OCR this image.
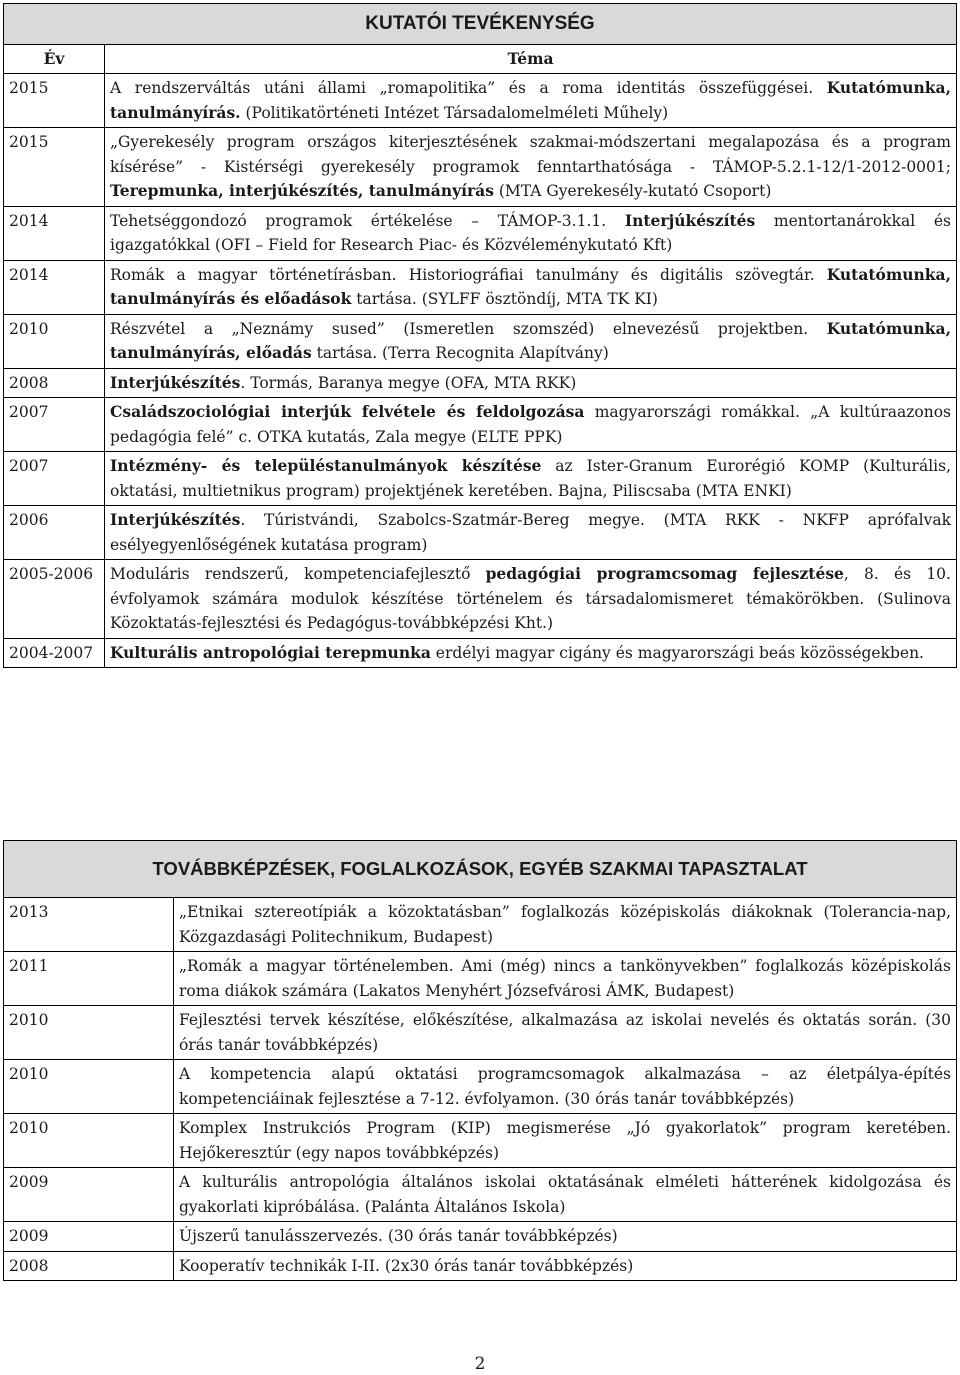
KUTATÓI TEVÉKENYSÉG	
Év	Téma
2015	A rendszerváltás utáni állami „romapolitika” és a roma identitás összefüggései. Kutatómunka, tanulmányírás. (Politikatörténeti Intézet Társadalomelméleti Műhely)
2015	„Gyerekesély program országos kiterjesztésének szakmai-módszertani megalapozása és a program kísérése” - Kistérségi gyerekesély programok fenntarthatósága - TÁMOP-5.2.1-12/1-2012-0001; Terepmunka, interjúkészítés, tanulmányírás (MTA Gyerekesély-kutató Csoport)
2014	Tehetséggondozó programok értékelése – TÁMOP-3.1.1. Interjúkészítés mentortanárokkal és igazgatókkal (OFI – Field for Research Piac- és Közvéleménykutató Kft)
2014	Romák a magyar történetírásban. Historiográfiai tanulmány és digitális szövegtár. Kutatómunka, tanulmányírás és előadások tartása. (SYLFF ösztöndíj, MTA TK KI)
2010	Részvétel a „Neznámy sused” (Ismeretlen szomszéd) elnevezésű projektben. Kutatómunka, tanulmányírás, előadás tartása. (Terra Recognita Alapítvány)
2008	Interjúkészítés. Tormás, Baranya megye (OFA, MTA RKK)
2007	Családszociológiai interjúk felvétele és feldolgozása magyarországi romákkal. „A kultúraazonos pedagógia felé” c. OTKA kutatás, Zala megye (ELTE PPK)
2007	Intézmény- és településtanulmányok készítése az Ister-Granum Eurorégió KOMP (Kulturális, oktatási, multietnikus program) projektjének keretében. Bajna, Piliscsaba (MTA ENKI)
2006	Interjúkészítés. Túristvándi, Szabolcs-Szatmár-Bereg megye. (MTA RKK - NKFP aprófalvak esélyegyenlőségének kutatása program)
2005-2006	Moduláris rendszerű, kompetenciafejlesztő pedagógiai programcsomag fejlesztése, 8. és 10. évfolyamok számára modulok készítése történelem és társadalomismeret témakörökben. (Sulinova Közoktatás-fejlesztési és Pedagógus-továbbképzési Kht.)
2004-2007	Kulturális antropológiai terepmunka erdélyi magyar cigány és magyarországi beás közösségekben.
TOVÁBBKÉPZÉSEK, FOGLALKOZÁSOK, EGYÉB SZAKMAI TAPASZTALAT	
2013	„Etnikai sztereotípiák a közoktatásban” foglalkozás középiskolás diákoknak (Tolerancia-nap, Közgazdasági Politechnikum, Budapest)
2011	„Romák a magyar történelemben. Ami (még) nincs a tankönyvekben” foglalkozás középiskolás roma diákok számára (Lakatos Menyhért Józsefvárosi ÁMK, Budapest)
2010	Fejlesztési tervek készítése, előkészítése, alkalmazása az iskolai nevelés és oktatás során. (30 órás tanár továbbképzés)
2010	A kompetencia alapú oktatási programcsomagok alkalmazása – az életpálya-építés kompetenciáinak fejlesztése a 7-12. évfolyamon. (30 órás tanár továbbképzés)
2010	Komplex Instrukciós Program (KIP) megismerése „Jó gyakorlatok” program keretében. Hejőkeresztúr (egy napos továbbképzés)
2009	A kulturális antropológia általános iskolai oktatásának elméleti hátterének kidolgozása és gyakorlati kipróbálása. (Palánta Általános Iskola)
2009	Újszerű tanulásszervezés. (30 órás tanár továbbképzés)
2008	Kooperatív technikák I-II. (2x30 órás tanár továbbképzés)
2
